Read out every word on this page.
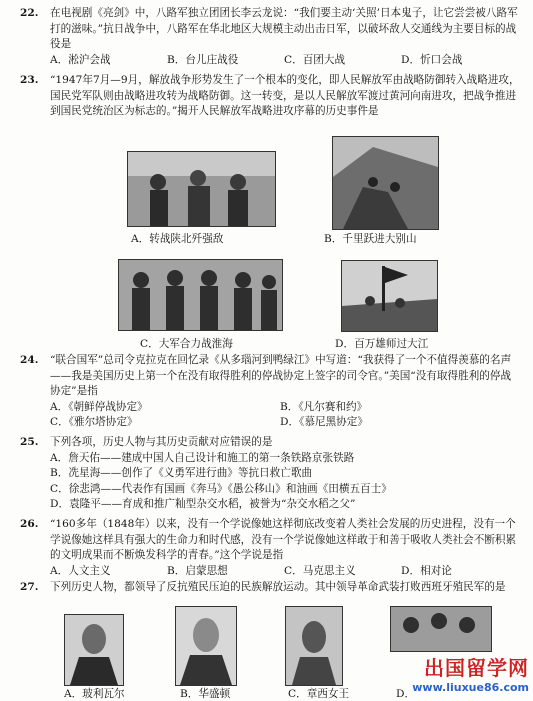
22. 在电视剧《亮剑》中，八路军独立团团长李云龙说：“我们要主动‘关照’日本鬼子，让它尝尝被八路军打的滋味。”抗日战争中，八路军在华北地区大规模主动出击日军，以破坏敌人交通线为主要目标的战役是
A．淞沪会战	B．台儿庄战役	C．百团大战	D．忻口会战
23. “1947年7月—9月，解放战争形势发生了一个根本的变化，即人民解放军由战略防御转入战略进攻，国民党军队则由战略进攻转为战略防御。这一转变，是以人民解放军渡过黄河向南进攻，把战争推进到国民党统治区为标志的。”揭开人民解放军战略进攻序幕的历史事件是
A．转战陕北歼强敌	B．千里跃进大别山
C．大军合力战淮海	D．百万雄师过大江
24. “联合国军”总司令克拉克在回忆录《从多瑙河到鸭绿江》中写道：“我获得了一个不值得羡慕的名声——我是美国历史上第一个在没有取得胜利的停战协定上签字的司令官。”美国“没有取得胜利的停战协定”是指
A．《朝鲜停战协定》	B．《凡尔赛和约》
C．《雅尔塔协定》	D．《慕尼黑协定》
25. 下列各项，历史人物与其历史贡献对应错误的是
A．詹天佑——建成中国人自己设计和施工的第一条铁路京张铁路
B．冼星海——创作了《义勇军进行曲》等抗日救亡歌曲
C．徐悲鸿——代表作有国画《奔马》《愚公移山》和油画《田横五百士》
D．袁隆平——育成和推广籼型杂交水稻，被誉为“杂交水稻之父”
26. “160多年（1848年）以来，没有一个学说像她这样彻底改变着人类社会发展的历史进程，没有一个学说像她这样具有强大的生命力和时代感，没有一个学说像她这样敢于和善于吸收人类社会不断积累的文明成果而不断焕发科学的青春。”这个学说是指
A．人文主义	B．启蒙思想	C．马克思主义	D．相对论
27. 下列历史人物，都领导了反抗殖民压迫的民族解放运动。其中领导革命武装打败西班牙殖民军的是
A．玻利瓦尔	B．华盛顿	C．章西女王	D．
出国留学网
www.liuxue86.com
